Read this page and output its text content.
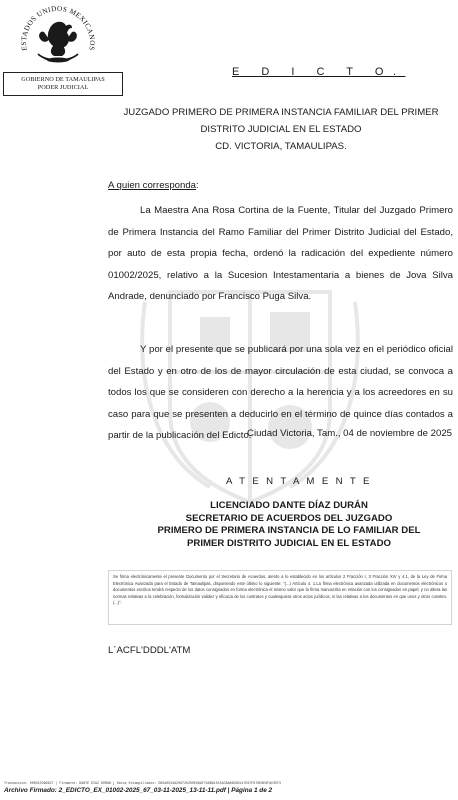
ESTADOS UNIDOS MEXICANOS
GOBIERNO DE TAMAULIPAS
PODER JUDICIAL
E D I C T O.
JUZGADO PRIMERO DE PRIMERA INSTANCIA FAMILIAR DEL PRIMER
DISTRITO JUDICIAL EN EL ESTADO
CD. VICTORIA, TAMAULIPAS.
A quien corresponda:

La Maestra Ana Rosa Cortina de la Fuente, Titular del Juzgado Primero de Primera Instancia del Ramo Familiar del Primer Distrito Judicial del Estado, por auto de esta propia fecha, ordenó la radicación del expediente número 01002/2025, relativo a la Sucesion Intestamentaria a bienes de Jova Silva Andrade, denunciado por Francisco Puga Silva.

Y por el presente que se publicará por una sola vez en el periódico oficial del Estado y en otro de los de mayor circulación de esta ciudad, se convoca a todos los que se consideren con derecho a la herencia y a los acreedores en su caso para que se presenten a deducirlo en el término de quince días contados a partir de la publicación del Edicto.

Ciudad Victoria, Tam., 04 de noviembre de 2025
A T E N T A M E N T E
LICENCIADO DANTE DÍAZ DURÁN
SECRETARIO DE ACUERDOS DEL JUZGADO
PRIMERO DE PRIMERA INSTANCIA DE LO FAMILIAR DEL
PRIMER DISTRITO JUDICIAL EN EL ESTADO
Se firma electrónicamente el presente Documento por el Secretario de Acuerdos, atento a lo establecido en los artículos 2 Fracción I, 3 Fracción XIV y 4.1, de la Ley de Firma Electrónica Avanzada para el Estado de Tamaulipas, disponiendo este último lo siguiente: "(...) Artículo 4. 1.La firma electrónica avanzada utilizada en documentos electrónicos o documentos escritos tendrá respecto de los datos consignados en forma electrónica el mismo valor que la firma manuscrita en relación con los consignados en papel; y no altera las normas relativas a la celebración, formalización validez y eficacia de los contratos y cualesquiera otros actos jurídicos, ni las relativas a los documentos en que unos y otros consten. (...)".
L´ACFL'DDDL'ATM
Transacción: 000010399957 | Firmante: DANTE DÍAZ DURÁN | Datos Estampillados: D85A0534A2067202D0E88AF7A6B81515ACBA89E6D147E67F876E8E8FAC05F3
Archivo Firmado: 2_EDICTO_EX_01002-2025_67_03-11-2025_13-11-11.pdf | Página 1 de 2
